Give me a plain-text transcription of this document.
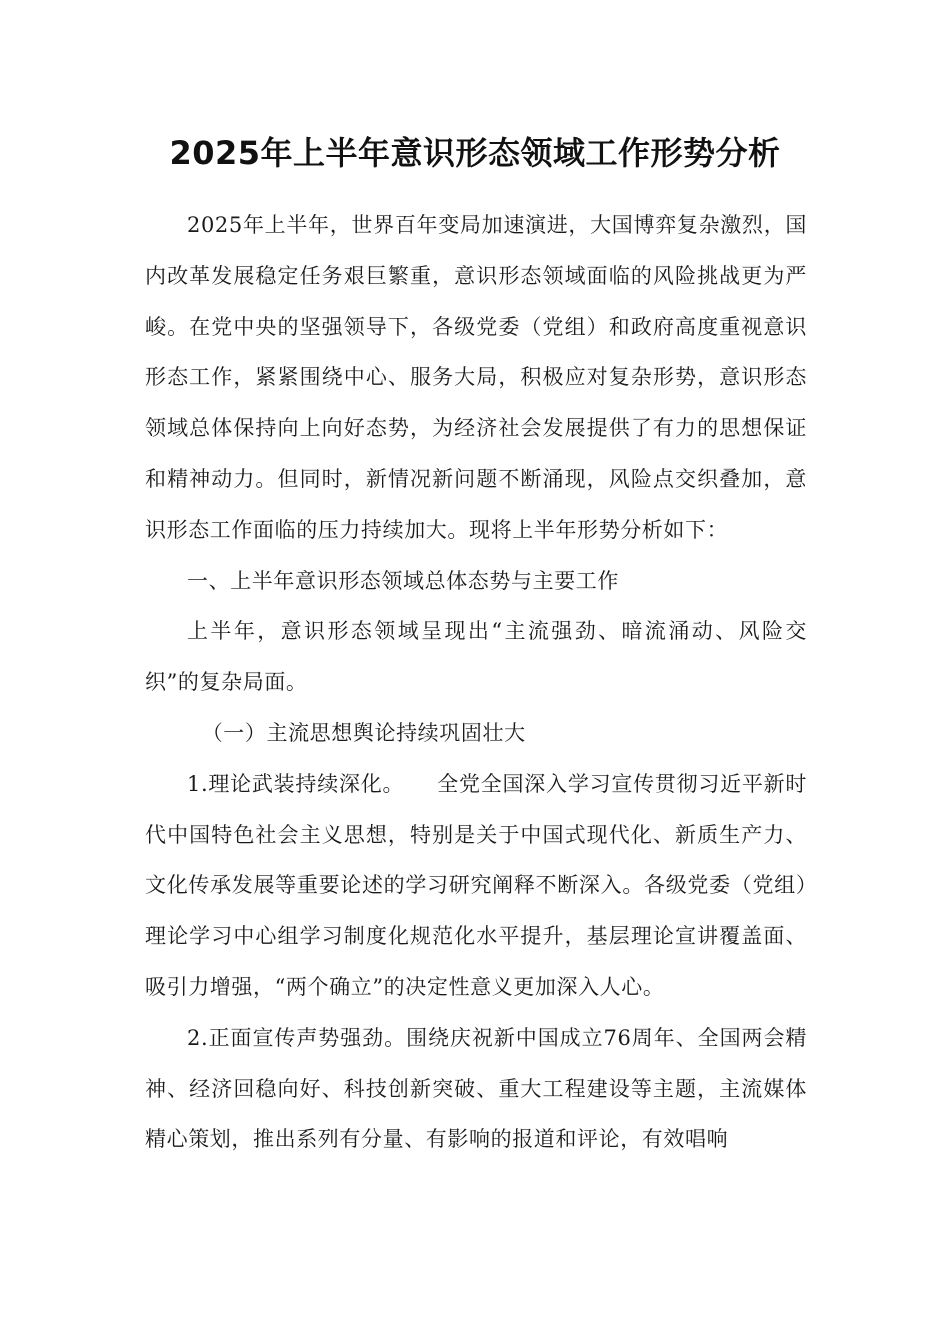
2025年上半年意识形态领域工作形势分析

2025年上半年，世界百年变局加速演进，大国博弈复杂激烈，国内改革发展稳定任务艰巨繁重，意识形态领域面临的风险挑战更为严峻。在党中央的坚强领导下，各级党委（党组）和政府高度重视意识形态工作，紧紧围绕中心、服务大局，积极应对复杂形势，意识形态领域总体保持向上向好态势，为经济社会发展提供了有力的思想保证和精神动力。但同时，新情况新问题不断涌现，风险点交织叠加，意识形态工作面临的压力持续加大。现将上半年形势分析如下：

一、上半年意识形态领域总体态势与主要工作

上半年，意识形态领域呈现出“主流强劲、暗流涌动、风险交织”的复杂局面。

（一）主流思想舆论持续巩固壮大

1.理论武装持续深化。　　 全党全国深入学习宣传贯彻习近平新时代中国特色社会主义思想，特别是关于中国式现代化、新质生产力、文化传承发展等重要论述的学习研究阐释不断深入。各级党委（党组）理论学习中心组学习制度化规范化水平提升，基层理论宣讲覆盖面、吸引力增强，“两个确立”的决定性意义更加深入人心。

2.正面宣传声势强劲。围绕庆祝新中国成立76周年、全国两会精神、经济回稳向好、科技创新突破、重大工程建设等主题，主流媒体精心策划，推出系列有分量、有影响的报道和评论，有效唱响
